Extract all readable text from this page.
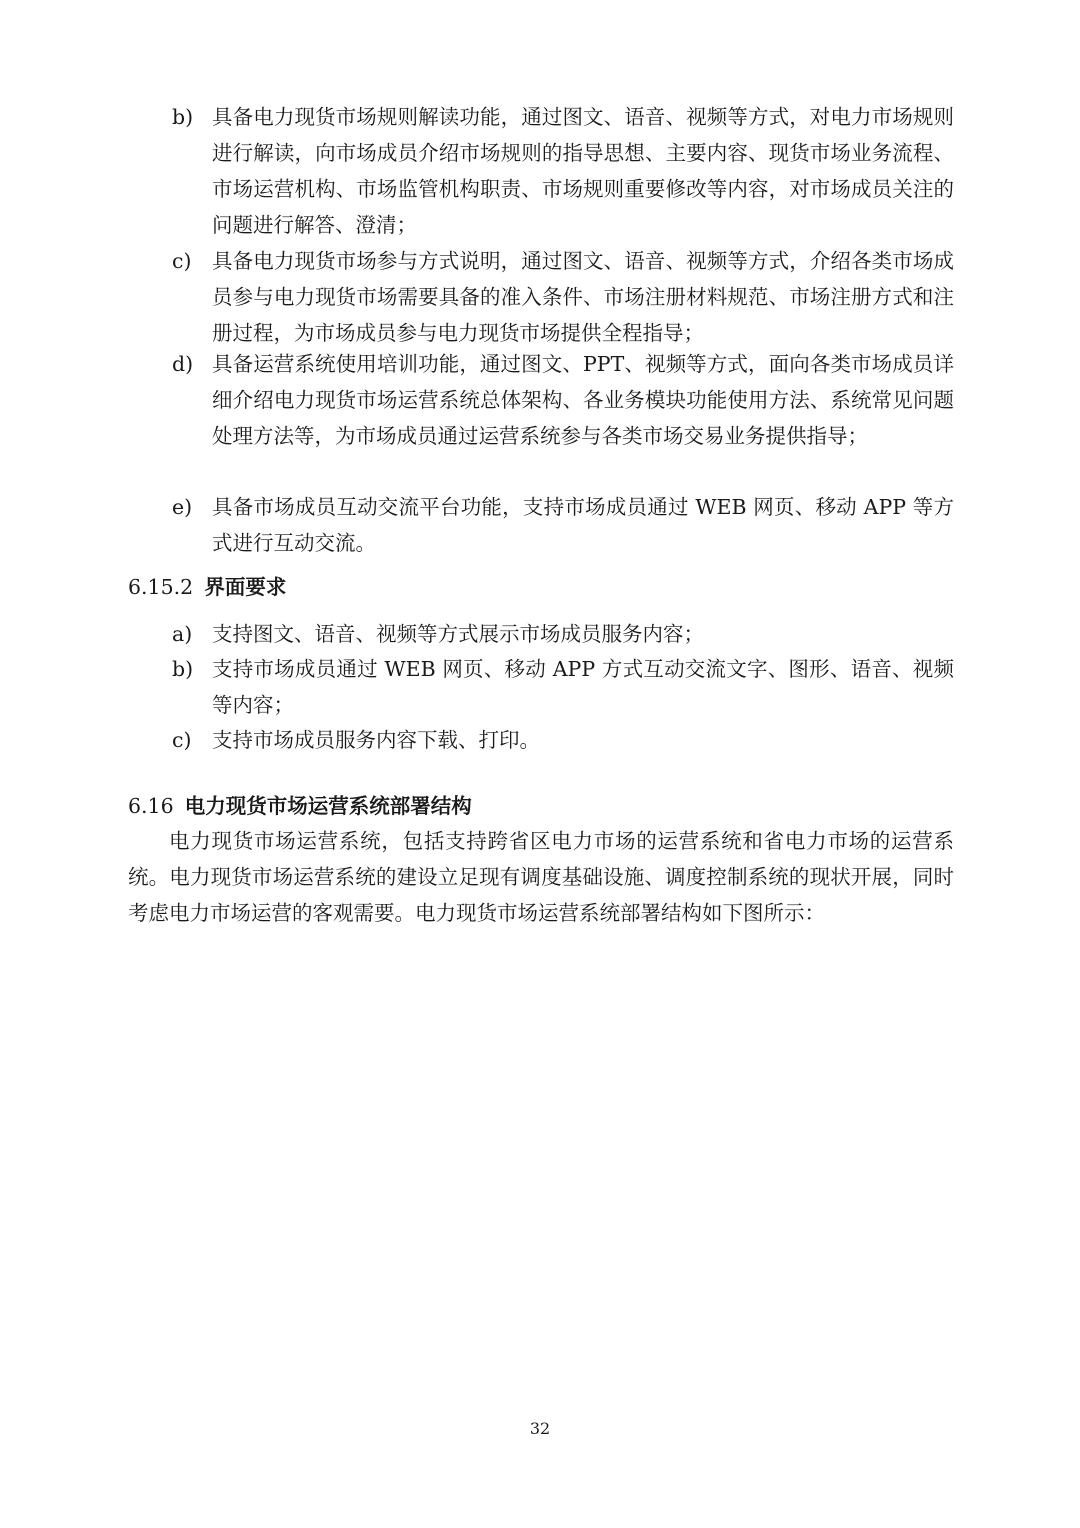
b) 具备电力现货市场规则解读功能，通过图文、语音、视频等方式，对电力市场规则进行解读，向市场成员介绍市场规则的指导思想、主要内容、现货市场业务流程、市场运营机构、市场监管机构职责、市场规则重要修改等内容，对市场成员关注的问题进行解答、澄清；
c)	具备电力现货市场参与方式说明，通过图文、语音、视频等方式，介绍各类市场成员参与电力现货市场需要具备的准入条件、市场注册材料规范、市场注册方式和注册过程，为市场成员参与电力现货市场提供全程指导；
d) 具备运营系统使用培训功能，通过图文、PPT、视频等方式，面向各类市场成员详细介绍电力现货市场运营系统总体架构、各业务模块功能使用方法、系统常见问题处理方法等，为市场成员通过运营系统参与各类市场交易业务提供指导；
e) 具备市场成员互动交流平台功能，支持市场成员通过 WEB 网页、移动 APP 等方式进行互动交流。
6.15.2 界面要求
a) 支持图文、语音、视频等方式展示市场成员服务内容；
b) 支持市场成员通过 WEB 网页、移动 APP 方式互动交流文字、图形、语音、视频等内容；
c)	支持市场成员服务内容下载、打印。
6.16 电力现货市场运营系统部署结构
电力现货市场运营系统，包括支持跨省区电力市场的运营系统和省电力市场的运营系统。电力现货市场运营系统的建设立足现有调度基础设施、调度控制系统的现状开展，同时考虑电力市场运营的客观需要。电力现货市场运营系统部署结构如下图所示：
32
